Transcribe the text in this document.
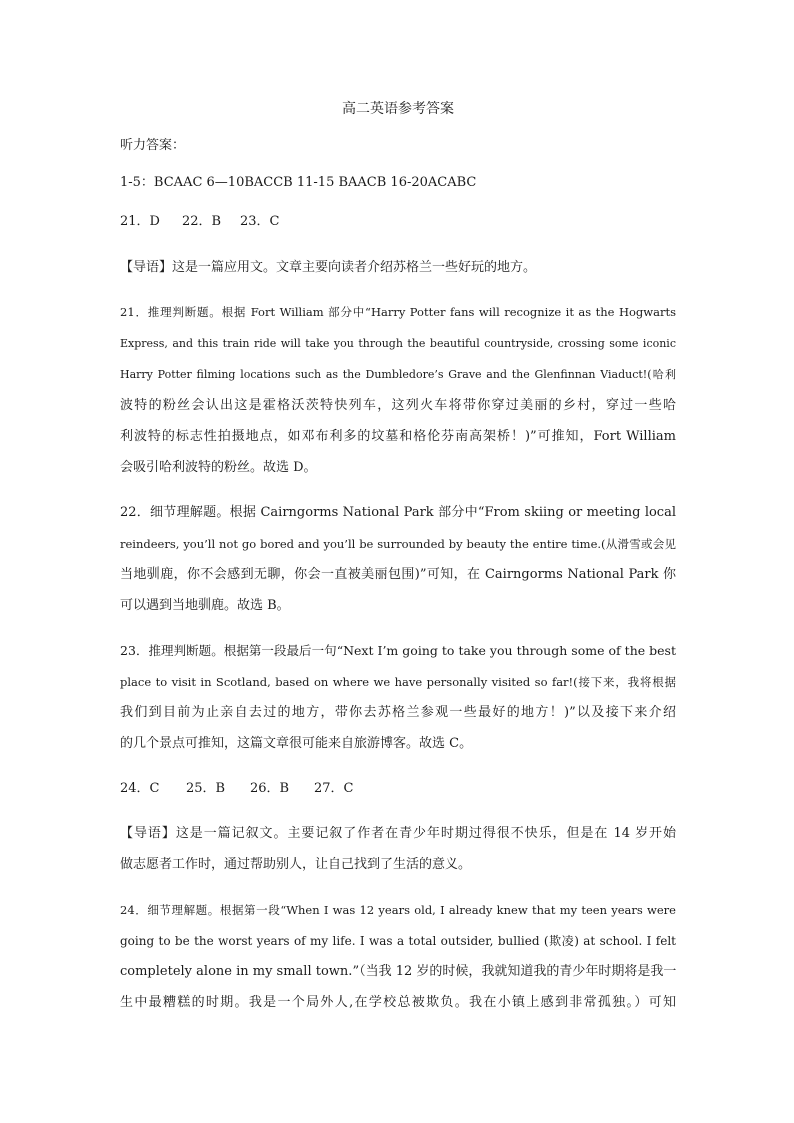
高二英语参考答案

听力答案：

1-5：BCAAC 6—10BACCB 11-15 BAACB 16-20ACABC

21．D 22．B 23．C

【导语】这是一篇应用文。文章主要向读者介绍苏格兰一些好玩的地方。

21．推理判断题。根据 Fort William 部分中“Harry Potter fans will recognize it as the Hogwarts

Express, and this train ride will take you through the beautiful countryside, crossing some iconic

Harry Potter filming locations such as the Dumbledore’s Grave and the Glenfinnan Viaduct!(哈利

波特的粉丝会认出这是霍格沃茨特快列车，这列火车将带你穿过美丽的乡村，穿过一些哈

利波特的标志性拍摄地点，如邓布利多的坟墓和格伦芬南高架桥！)”可推知，Fort William

会吸引哈利波特的粉丝。故选 D。

22．细节理解题。根据 Cairngorms National Park 部分中“From skiing or meeting local

reindeers, you’ll not go bored and you’ll be surrounded by beauty the entire time.(从滑雪或会见

当地驯鹿，你不会感到无聊，你会一直被美丽包围)”可知，在 Cairngorms National Park 你

可以遇到当地驯鹿。故选 B。

23．推理判断题。根据第一段最后一句“Next I’m going to take you through some of the best

place to visit in Scotland, based on where we have personally visited so far!(接下来，我将根据

我们到目前为止亲自去过的地方，带你去苏格兰参观一些最好的地方！)”以及接下来介绍

的几个景点可推知，这篇文章很可能来自旅游博客。故选 C。

24．C 25．B 26．B 27．C

【导语】这是一篇记叙文。主要记叙了作者在青少年时期过得很不快乐，但是在 14 岁开始

做志愿者工作时，通过帮助别人，让自己找到了生活的意义。

24．细节理解题。根据第一段“When I was 12 years old, I already knew that my teen years were

going to be the worst years of my life. I was a total outsider, bullied (欺凌) at school. I felt

completely alone in my small town.”（当我 12 岁的时候，我就知道我的青少年时期将是我一

生中最糟糕的时期。我是一个局外人,在学校总被欺负。我在小镇上感到非常孤独。）可知
